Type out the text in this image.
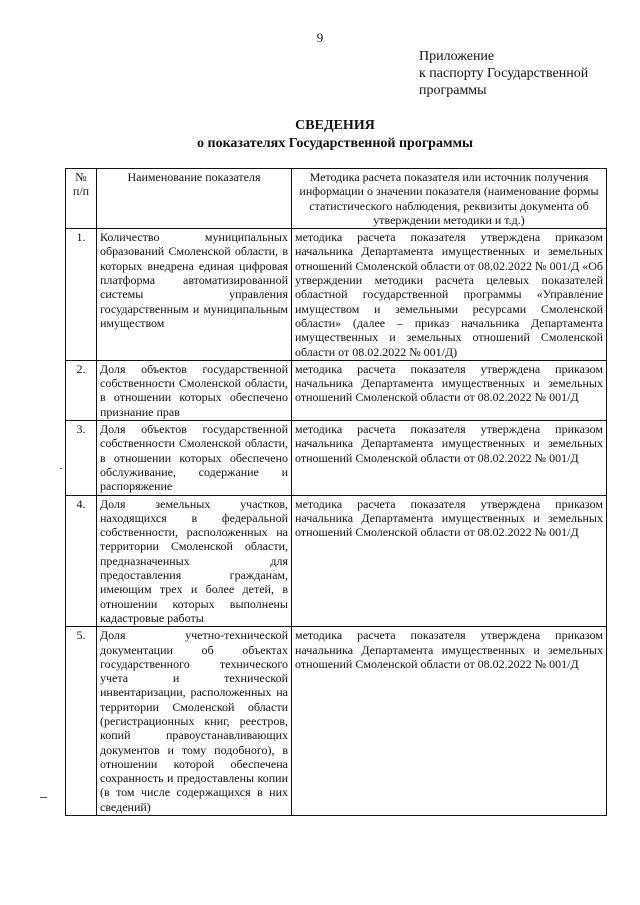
9
Приложение
к паспорту Государственной
программы
СВЕДЕНИЯ
о показателях Государственной программы
№ п/п	Наименование показателя	Методика расчета показателя или источник получения информации о значении показателя (наименование формы статистического наблюдения, реквизиты документа об утверждении методики и т.д.)
1.	Количество муниципальных образований Смоленской области, в которых внедрена единая цифровая платформа автоматизированной системы управления государственным и муниципальным имуществом	методика расчета показателя утверждена приказом начальника Департамента имущественных и земельных отношений Смоленской области от 08.02.2022 № 001/Д «Об утверждении методики расчета целевых показателей областной государственной программы «Управление имуществом и земельными ресурсами Смоленской области» (далее – приказ начальника Департамента имущественных и земельных отношений Смоленской области от 08.02.2022 № 001/Д)
2.	Доля объектов государственной собственности Смоленской области, в отношении которых обеспечено признание прав	методика расчета показателя утверждена приказом начальника Департамента имущественных и земельных отношений Смоленской области от 08.02.2022 № 001/Д
3.	Доля объектов государственной собственности Смоленской области, в отношении которых обеспечено обслуживание, содержание и распоряжение	методика расчета показателя утверждена приказом начальника Департамента имущественных и земельных отношений Смоленской области от 08.02.2022 № 001/Д
4.	Доля земельных участков, находящихся в федеральной собственности, расположенных на территории Смоленской области, предназначенных для предоставления гражданам, имеющим трех и более детей, в отношении которых выполнены кадастровые работы	методика расчета показателя утверждена приказом начальника Департамента имущественных и земельных отношений Смоленской области от 08.02.2022 № 001/Д
5.	Доля учетно-технической документации об объектах государственного технического учета и технической инвентаризации, расположенных на территории Смоленской области (регистрационных книг, реестров, копий правоустанавливающих документов и тому подобного), в отношении которой обеспечена сохранность и предоставлены копии (в том числе содержащихся в них сведений)	методика расчета показателя утверждена приказом начальника Департамента имущественных и земельных отношений Смоленской области от 08.02.2022 № 001/Д
